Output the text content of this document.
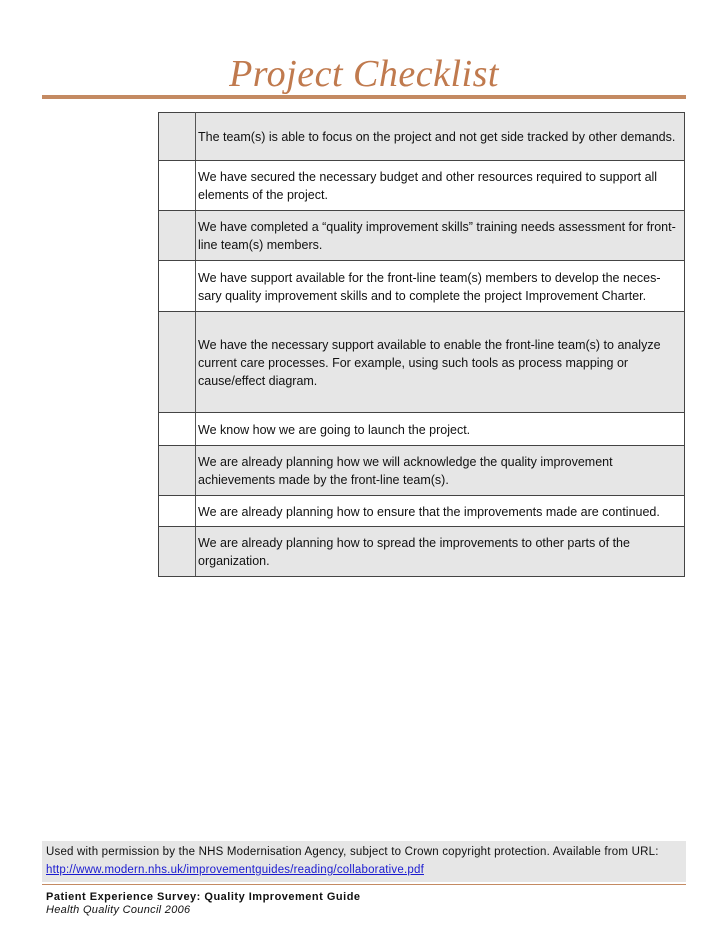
Project Checklist
	The team(s) is able to focus on the project and not get side tracked by other demands.
	We have secured the necessary budget and other resources required to support all elements of the project.
	We have completed a “quality improvement skills” training needs assessment for front-line team(s) members.
	We have support available for the front-line team(s) members to develop the neces-sary quality improvement skills and to complete the project Improvement Charter.
	We have the necessary support available to enable the front-line team(s) to analyze current care processes. For example, using such tools as process mapping or cause/effect diagram.
	We know how we are going to launch the project.
	We are already planning how we will acknowledge the quality improvement achievements made by the front-line team(s).
	We are already planning how to ensure that the improvements made are continued.
	We are already planning how to spread the improvements to other parts of the organization.
Used with permission by the NHS Modernisation Agency, subject to Crown copyright protection. Available from URL:
http://www.modern.nhs.uk/improvementguides/reading/collaborative.pdf
Patient Experience Survey: Quality Improvement Guide
Health Quality Council 2006
